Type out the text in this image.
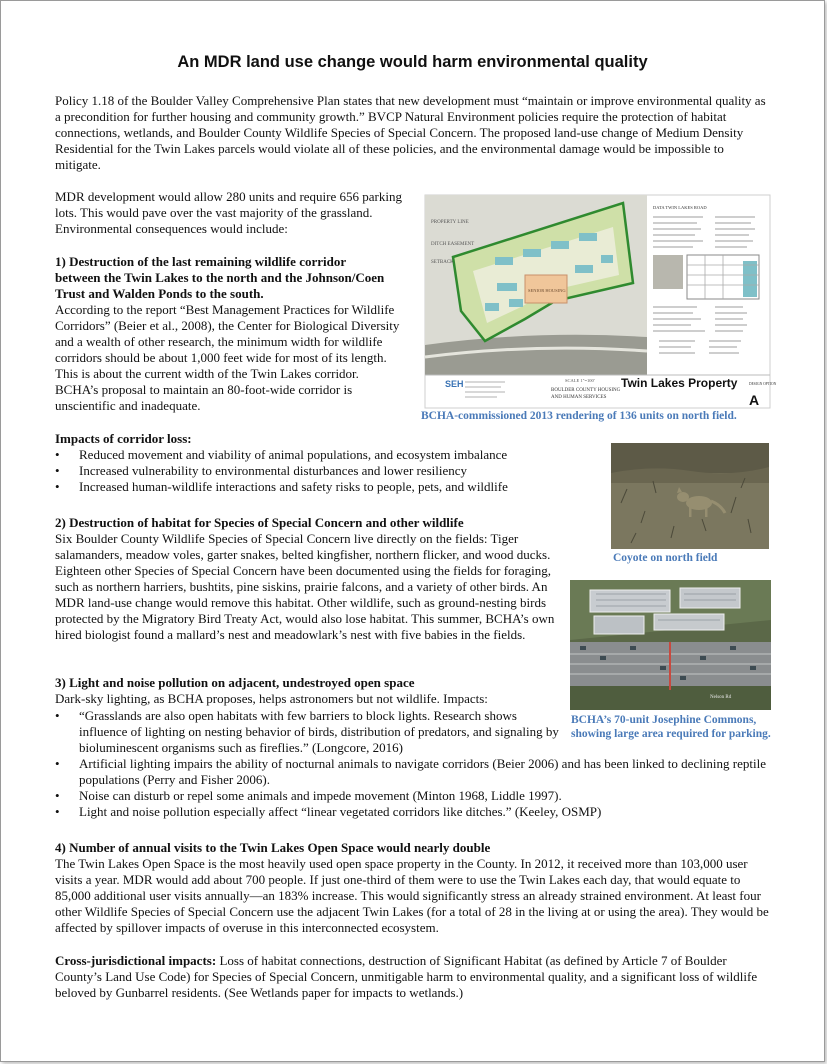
An MDR land use change would harm environmental quality
Policy 1.18 of the Boulder Valley Comprehensive Plan states that new development must “maintain or improve environmental quality as a precondition for further housing and community growth.” BVCP Natural Environment policies require the protection of habitat connections, wetlands, and Boulder County Wildlife Species of Special Concern. The proposed land-use change of Medium Density Residential for the Twin Lakes parcels would violate all of these policies, and the environmental damage would be impossible to mitigate.
MDR development would allow 280 units and require 656 parking lots. This would pave over the vast majority of the grassland. Environmental consequences would include:
1) Destruction of the last remaining wildlife corridor between the Twin Lakes to the north and the Johnson/Coen Trust and Walden Ponds to the south.
According to the report “Best Management Practices for Wildlife Corridors” (Beier et al., 2008), the Center for Biological Diversity and a wealth of other research, the minimum width for wildlife corridors should be about 1,000 feet wide for most of its length. This is about the current width of the Twin Lakes corridor. BCHA’s proposal to maintain an 80-foot-wide corridor is unscientific and inadequate.
SENIOR HOUSING
PROPERTY LINE
DITCH EASEMENT
SETBACK
DATA TWIN LAKES ROAD
SEH	SCALE 1"=100'
BOULDER COUNTY HOUSING
AND HUMAN SERVICES
Twin Lakes Property	DESIGN OPTION
A
BCHA-commissioned 2013 rendering of 136 units on north field.
Coyote on north field
Impacts of corridor loss:
• Reduced movement and viability of animal populations, and ecosystem imbalance
• Increased vulnerability to environmental disturbances and lower resiliency
• Increased human-wildlife interactions and safety risks to people, pets, and wildlife
2) Destruction of habitat for Species of Special Concern and other wildlife
Six Boulder County Wildlife Species of Special Concern live directly on the fields: Tiger salamanders, meadow voles, garter snakes, belted kingfisher, northern flicker, and wood ducks. Eighteen other Species of Special Concern have been documented using the fields for foraging, such as northern harriers, bushtits, pine siskins, prairie falcons, and a variety of other birds. An MDR land-use change would remove this habitat. Other wildlife, such as ground-nesting birds protected by the Migratory Bird Treaty Act, would also lose habitat. This summer, BCHA’s own hired biologist found a mallard’s nest and meadowlark’s nest with five babies in the fields.
Nelson Rd
BCHA’s 70-unit Josephine Commons, showing large area required for parking.
3) Light and noise pollution on adjacent, undestroyed open space
Dark-sky lighting, as BCHA proposes, helps astronomers but not wildlife. Impacts:
• “Grasslands are also open habitats with few barriers to block lights. Research shows influence of lighting on nesting behavior of birds, distribution of predators, and signaling by bioluminescent organisms such as fireflies.” (Longcore, 2016)
• Artificial lighting impairs the ability of nocturnal animals to navigate corridors (Beier 2006) and has been linked to declining reptile populations (Perry and Fisher 2006).
• Noise can disturb or repel some animals and impede movement (Minton 1968, Liddle 1997).
• Light and noise pollution especially affect “linear vegetated corridors like ditches.” (Keeley, OSMP)
4) Number of annual visits to the Twin Lakes Open Space would nearly double
The Twin Lakes Open Space is the most heavily used open space property in the County. In 2012, it received more than 103,000 user visits a year. MDR would add about 700 people. If just one-third of them were to use the Twin Lakes each day, that would equate to 85,000 additional user visits annually—an 183% increase. This would significantly stress an already strained environment. At least four other Wildlife Species of Special Concern use the adjacent Twin Lakes (for a total of 28 in the living at or using the area). They would be affected by spillover impacts of overuse in this interconnected ecosystem.
Cross-jurisdictional impacts: Loss of habitat connections, destruction of Significant Habitat (as defined by Article 7 of Boulder County’s Land Use Code) for Species of Special Concern, unmitigable harm to environmental quality, and a significant loss of wildlife beloved by Gunbarrel residents. (See Wetlands paper for impacts to wetlands.)
